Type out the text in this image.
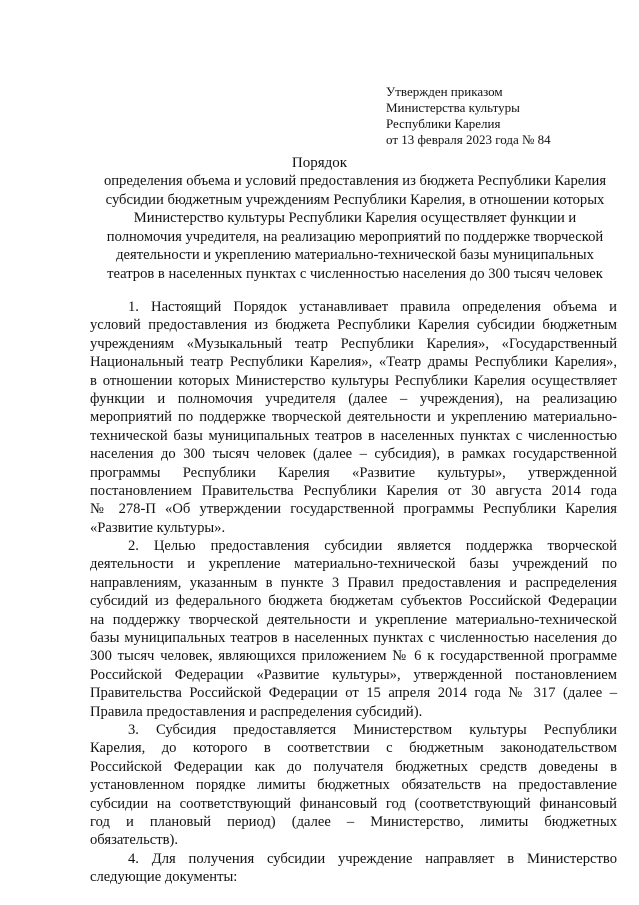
Утвержден приказом
Министерства культуры
Республики Карелия
от 13 февраля 2023 года № 84
Порядок
определения объема и условий предоставления из бюджета Республики Карелия
субсидии бюджетным учреждениям Республики Карелия, в отношении которых
Министерство культуры Республики Карелия осуществляет функции и
полномочия учредителя, на реализацию мероприятий по поддержке творческой
деятельности и укреплению материально-технической базы муниципальных
театров в населенных пунктах с численностью населения до 300 тысяч человек
1. Настоящий Порядок устанавливает правила определения объема и
условий предоставления из бюджета Республики Карелия субсидии бюджетным
учреждениям «Музыкальный театр Республики Карелия», «Государственный
Национальный театр Республики Карелия», «Театр драмы Республики Карелия»,
в отношении которых Министерство культуры Республики Карелия осуществляет
функции и полномочия учредителя (далее – учреждения), на реализацию
мероприятий по поддержке творческой деятельности и укреплению материально-
технической базы муниципальных театров в населенных пунктах с численностью
населения до 300 тысяч человек (далее – субсидия), в рамках государственной
программы Республики Карелия «Развитие культуры», утвержденной
постановлением Правительства Республики Карелия от 30 августа 2014 года
№ 278-П «Об утверждении государственной программы Республики Карелия
«Развитие культуры».
2. Целью предоставления субсидии является поддержка творческой
деятельности и укрепление материально-технической базы учреждений по
направлениям, указанным в пункте 3 Правил предоставления и распределения
субсидий из федерального бюджета бюджетам субъектов Российской Федерации
на поддержку творческой деятельности и укрепление материально-технической
базы муниципальных театров в населенных пунктах с численностью населения до
300 тысяч человек, являющихся приложением № 6 к государственной программе
Российской Федерации «Развитие культуры», утвержденной постановлением
Правительства Российской Федерации от 15 апреля 2014 года № 317 (далее –
Правила предоставления и распределения субсидий).
3. Субсидия предоставляется Министерством культуры Республики
Карелия, до которого в соответствии с бюджетным законодательством
Российской Федерации как до получателя бюджетных средств доведены в
установленном порядке лимиты бюджетных обязательств на предоставление
субсидии на соответствующий финансовый год (соответствующий финансовый
год и плановый период) (далее – Министерство, лимиты бюджетных
обязательств).
4. Для получения субсидии учреждение направляет в Министерство
следующие документы:
